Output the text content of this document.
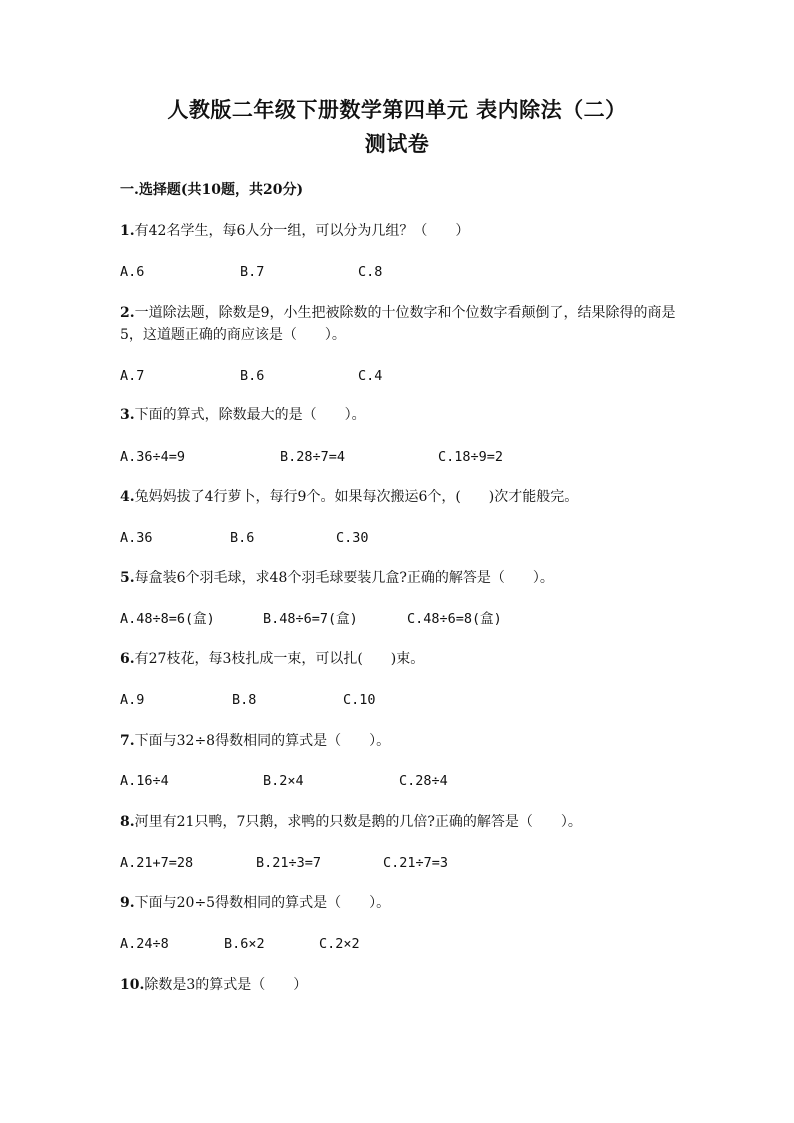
人教版二年级下册数学第四单元 表内除法（二）
测试卷
一.选择题(共10题，共20分)
1.有42名学生，每6人分一组，可以分为几组？（　　）
A.6	B.7	C.8
2.一道除法题，除数是9，小生把被除数的十位数字和个位数字看颠倒了，结果除得的商是5，这道题正确的商应该是（　　）。
A.7	B.6	C.4
3.下面的算式，除数最大的是（　　）。
A.36÷4=9	B.28÷7=4	C.18÷9=2
4.兔妈妈拔了4行萝卜，每行9个。如果每次搬运6个，(　　)次才能般完。
A.36	B.6	C.30
5.每盒装6个羽毛球，求48个羽毛球要装几盒?正确的解答是（　　）。
A.48÷8=6(盒)	B.48÷6=7(盒)	C.48÷6=8(盒)
6.有27枝花，每3枝扎成一束，可以扎(　　)束。
A.9	B.8	C.10
7.下面与32÷8得数相同的算式是（　　）。
A.16÷4	B.2×4	C.28÷4
8.河里有21只鸭，7只鹅，求鸭的只数是鹅的几倍?正确的解答是（　　）。
A.21+7=28	B.21÷3=7	C.21÷7=3
9.下面与20÷5得数相同的算式是（　　）。
A.24÷8	B.6×2	C.2×2
10.除数是3的算式是（　　）
